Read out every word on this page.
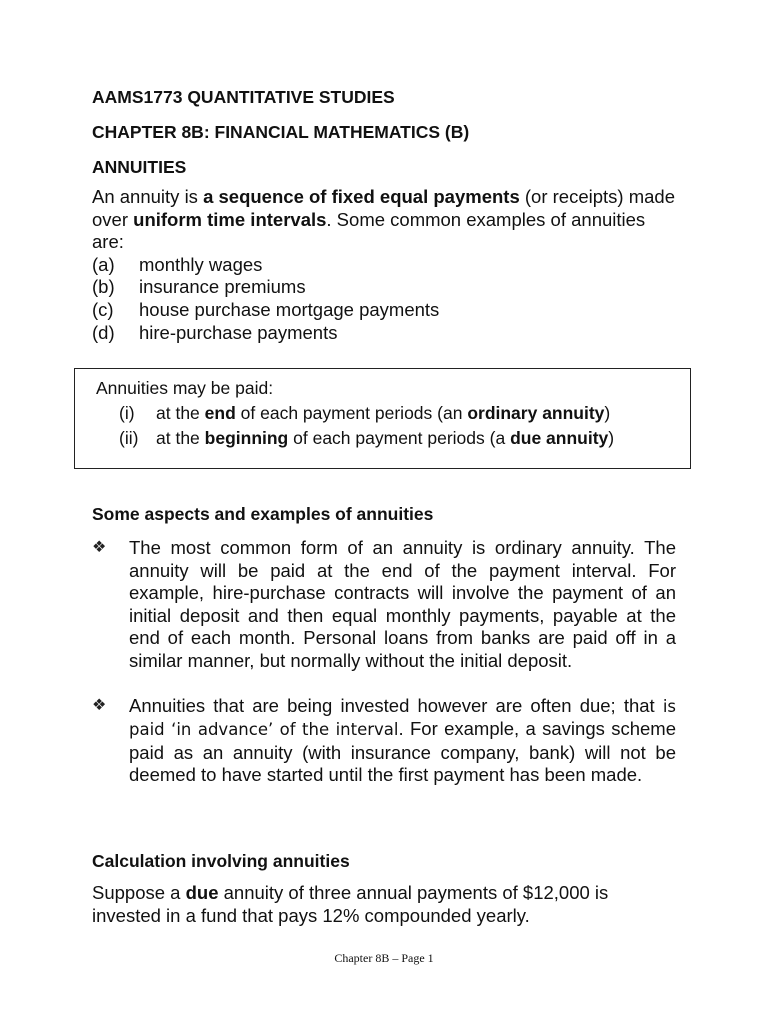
AAMS1773 QUANTITATIVE STUDIES
CHAPTER 8B: FINANCIAL MATHEMATICS (B)
ANNUITIES

An annuity is a sequence of fixed equal payments (or receipts) made over uniform time intervals. Some common examples of annuities are:

(a)	monthly wages
(b)	insurance premiums
(c)	house purchase mortgage payments
(d)	hire-purchase payments
Annuities may be paid:
(i)	at the end of each payment periods (an ordinary annuity)
(ii)	at the beginning of each payment periods (a due annuity)
Some aspects and examples of annuities
❖	The most common form of an annuity is ordinary annuity. The annuity will be paid at the end of the payment interval. For example, hire-purchase contracts will involve the payment of an initial deposit and then equal monthly payments, payable at the end of each month. Personal loans from banks are paid off in a similar manner, but normally without the initial deposit.
❖	Annuities that are being invested however are often due; that is paid ‘in advance’ of the interval. For example, a savings scheme paid as an annuity (with insurance company, bank) will not be deemed to have started until the first payment has been made.
Calculation involving annuities

Suppose a due annuity of three annual payments of $12,000 is invested in a fund that pays 12% compounded yearly.

Chapter 8B – Page 1
